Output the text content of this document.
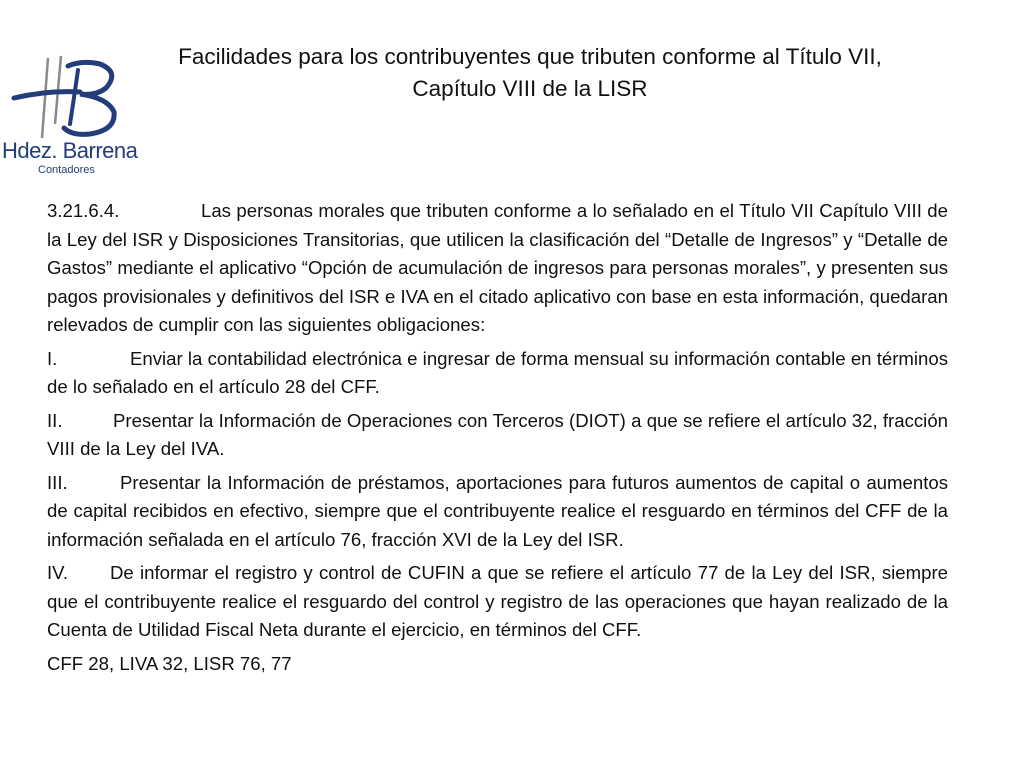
Hdez. Barrena
Contadores
Facilidades para los contribuyentes que tributen conforme al Título VII,
Capítulo VIII de la LISR

3.21.6.4.	Las personas morales que tributen conforme a lo señalado en el Título VII Capítulo VIII de la Ley del ISR y Disposiciones Transitorias, que utilicen la clasificación del “Detalle de Ingresos” y “Detalle de Gastos” mediante el aplicativo “Opción de acumulación de ingresos para personas morales”, y presenten sus pagos provisionales y definitivos del ISR e IVA en el citado aplicativo con base en esta información, quedaran relevados de cumplir con las siguientes obligaciones:

I.	Enviar la contabilidad electrónica e ingresar de forma mensual su información contable en términos de lo señalado en el artículo 28 del CFF.

II.	Presentar la Información de Operaciones con Terceros (DIOT) a que se refiere el artículo 32, fracción VIII de la Ley del IVA.

III.	Presentar la Información de préstamos, aportaciones para futuros aumentos de capital o aumentos de capital recibidos en efectivo, siempre que el contribuyente realice el resguardo en términos del CFF de la información señalada en el artículo 76, fracción XVI de la Ley del ISR.

IV. De informar el registro y control de CUFIN a que se refiere el artículo 77 de la Ley del ISR, siempre que el contribuyente realice el resguardo del control y registro de las operaciones que hayan realizado de la Cuenta de Utilidad Fiscal Neta durante el ejercicio, en términos del CFF.

CFF 28, LIVA 32, LISR 76, 77
